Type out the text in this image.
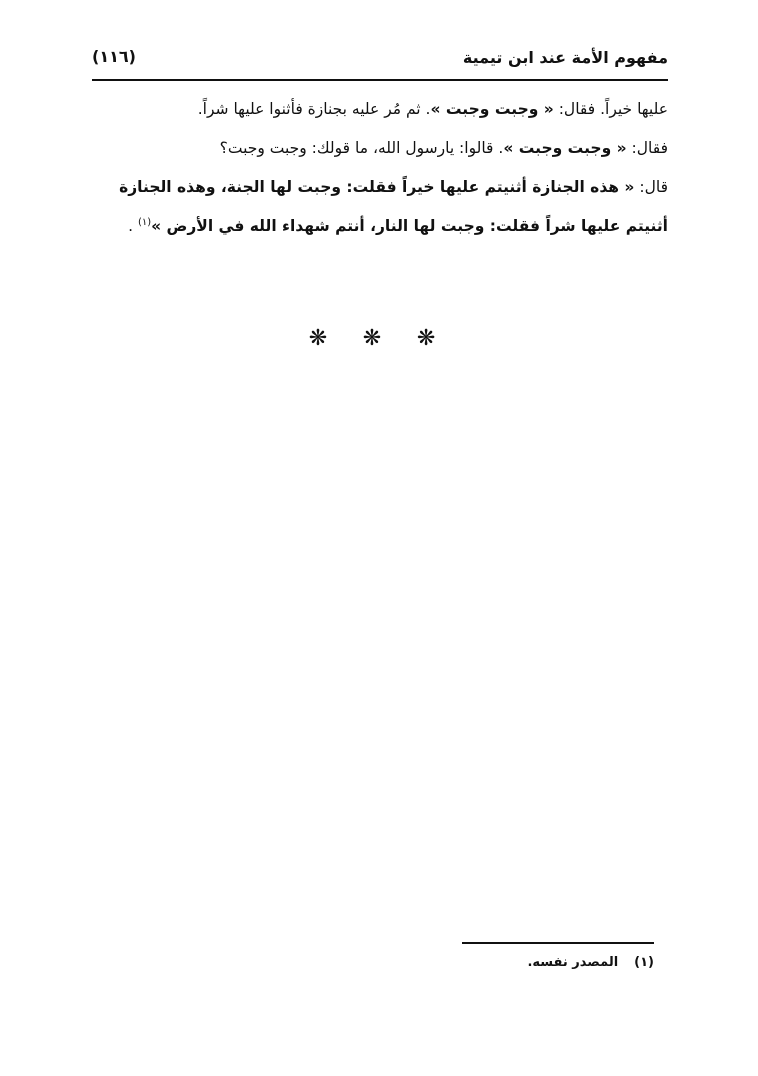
مفهوم الأمة عند ابن تيمية
(١١٦)
عليها خيراً. فقال: « وجبت وجبت ». ثم مُر عليه بجنازة فأثنوا عليها شراً.
فقال: « وجبت وجبت ». قالوا: يارسول الله، ما قولك: وجبت وجبت؟
قال: « هذه الجنازة أثنيتم عليها خيراً فقلت: وجبت لها الجنة، وهذه الجنازة
أثنيتم عليها شراً فقلت: وجبت لها النار، أنتم شهداء الله في الأرض »$^{(١)}$ .
❋ ❋ ❋
(١)المصدر نفسه.
